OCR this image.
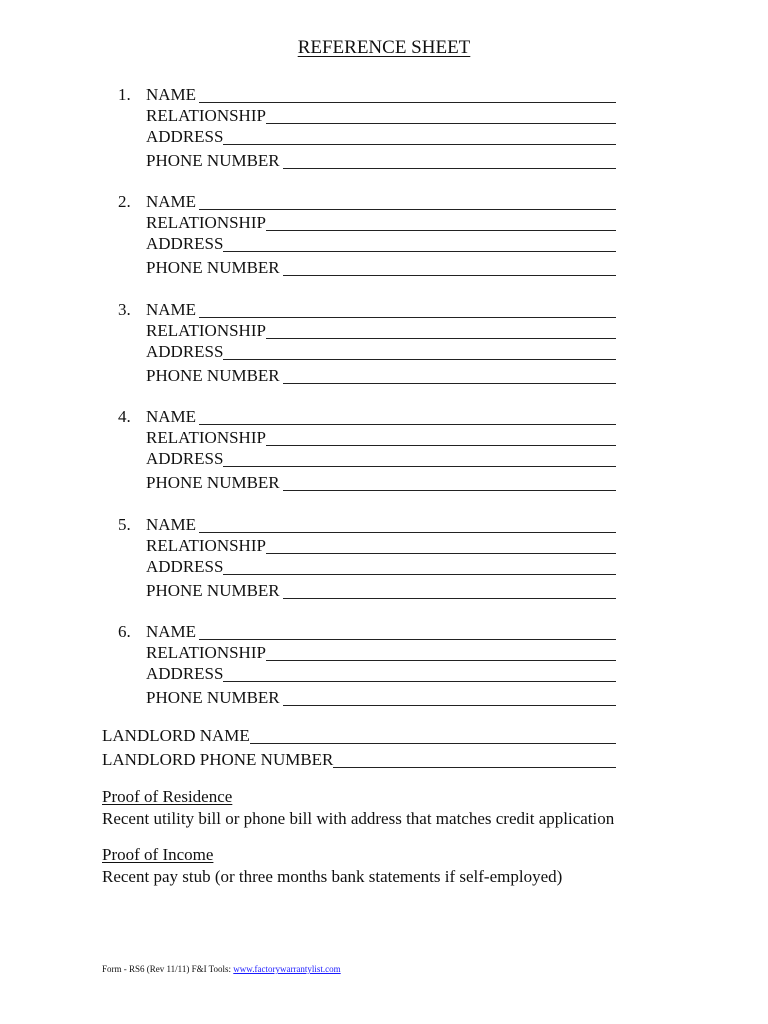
REFERENCE SHEET
1. NAME
RELATIONSHIP
ADDRESS
PHONE NUMBER
2. NAME
RELATIONSHIP
ADDRESS
PHONE NUMBER
3. NAME
RELATIONSHIP
ADDRESS
PHONE NUMBER
4. NAME
RELATIONSHIP
ADDRESS
PHONE NUMBER
5. NAME
RELATIONSHIP
ADDRESS
PHONE NUMBER
6. NAME
RELATIONSHIP
ADDRESS
PHONE NUMBER
LANDLORD NAME
LANDLORD PHONE NUMBER
Proof of Residence
Recent utility bill or phone bill with address that matches credit application
Proof of Income
Recent pay stub (or three months bank statements if self-employed)
Form - RS6 (Rev 11/11) F&I Tools: www.factorywarrantylist.com
